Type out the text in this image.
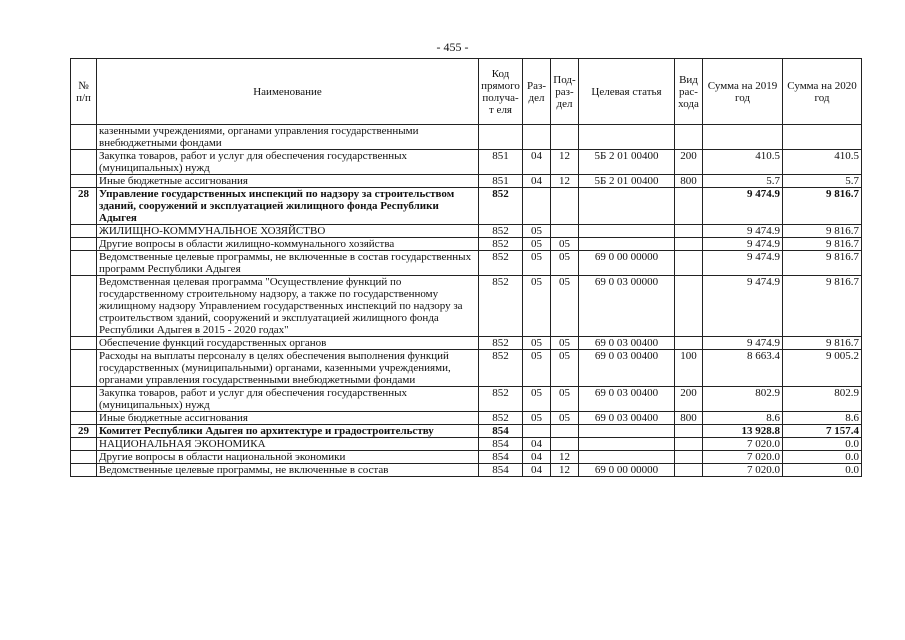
- 455 -
№ п/п	Наименование	Код прямого получа-т еля	Раз-дел	Под-раз-дел	Целевая статья	Вид рас-хода	Сумма на 2019 год	Сумма на 2020 год
	казенными учреждениями, органами управления государственными внебюджетными фондами							
	Закупка товаров, работ и услуг для обеспечения государственных (муниципальных) нужд	851	04	12	5Б 2 01 00400	200	410.5	410.5
	Иные бюджетные ассигнования	851	04	12	5Б 2 01 00400	800	5.7	5.7
28	Управление государственных инспекций по надзору за строительством зданий, сооружений и эксплуатацией жилищного фонда Республики Адыгея	852					9 474.9	9 816.7
	ЖИЛИЩНО-КОММУНАЛЬНОЕ ХОЗЯЙСТВО	852	05				9 474.9	9 816.7
	Другие вопросы в области жилищно-коммунального хозяйства	852	05	05			9 474.9	9 816.7
	Ведомственные целевые программы, не включенные в состав государственных программ Республики Адыгея	852	05	05	69 0 00 00000		9 474.9	9 816.7
	Ведомственная целевая программа "Осуществление функций по государственному строительному надзору, а также по государственному жилищному надзору Управлением государственных инспекций по надзору за строительством зданий, сооружений и эксплуатацией жилищного фонда Республики Адыгея в 2015 - 2020 годах"	852	05	05	69 0 03 00000		9 474.9	9 816.7
	Обеспечение функций государственных органов	852	05	05	69 0 03 00400		9 474.9	9 816.7
	Расходы на выплаты персоналу в целях обеспечения выполнения функций государственных (муниципальными) органами, казенными учреждениями, органами управления государственными внебюджетными фондами	852	05	05	69 0 03 00400	100	8 663.4	9 005.2
	Закупка товаров, работ и услуг для обеспечения государственных (муниципальных) нужд	852	05	05	69 0 03 00400	200	802.9	802.9
	Иные бюджетные ассигнования	852	05	05	69 0 03 00400	800	8.6	8.6
29	Комитет Республики Адыгея по архитектуре и градостроительству	854					13 928.8	7 157.4
	НАЦИОНАЛЬНАЯ ЭКОНОМИКА	854	04				7 020.0	0.0
	Другие вопросы в области национальной экономики	854	04	12			7 020.0	0.0
	Ведомственные целевые программы, не включенные в состав	854	04	12	69 0 00 00000		7 020.0	0.0
